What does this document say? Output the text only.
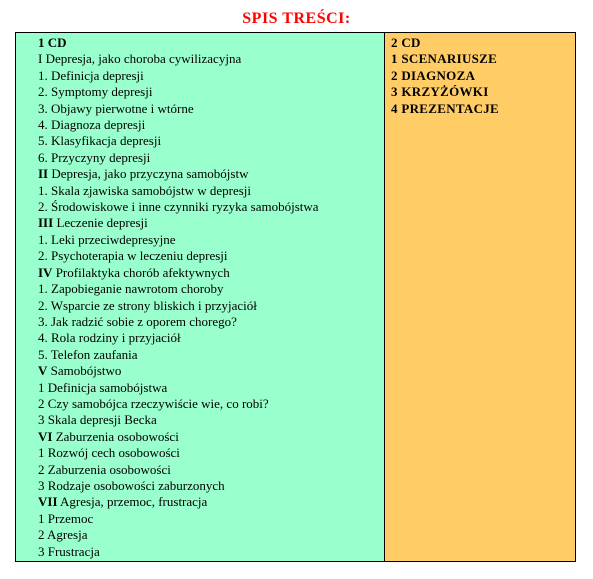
SPIS TREŚCI:
1 CD
I Depresja, jako choroba cywilizacyjna
1. Definicja depresji
2. Symptomy depresji
3. Objawy pierwotne i wtórne
4. Diagnoza depresji
5. Klasyfikacja depresji
6. Przyczyny depresji
II Depresja, jako przyczyna samobójstw
1. Skala zjawiska samobójstw w depresji
2. Środowiskowe i inne czynniki ryzyka samobójstwa
III Leczenie depresji
1. Leki przeciwdepresyjne
2. Psychoterapia w leczeniu depresji
IV Profilaktyka chorób afektywnych
1. Zapobieganie nawrotom choroby
2. Wsparcie ze strony bliskich i przyjaciół
3. Jak radzić sobie z oporem chorego?
4. Rola rodziny i przyjaciół
5. Telefon zaufania
V Samobójstwo
1 Definicja samobójstwa
2 Czy samobójca rzeczywiście wie, co robi?
3 Skala depresji Becka
VI Zaburzenia osobowości
1 Rozwój cech osobowości
2 Zaburzenia osobowości
3 Rodzaje osobowości zaburzonych
VII Agresja, przemoc, frustracja
1 Przemoc
2 Agresja
3 Frustracja
2 CD
1 SCENARIUSZE
2 DIAGNOZA
3 KRZYŻÓWKI
4 PREZENTACJE
